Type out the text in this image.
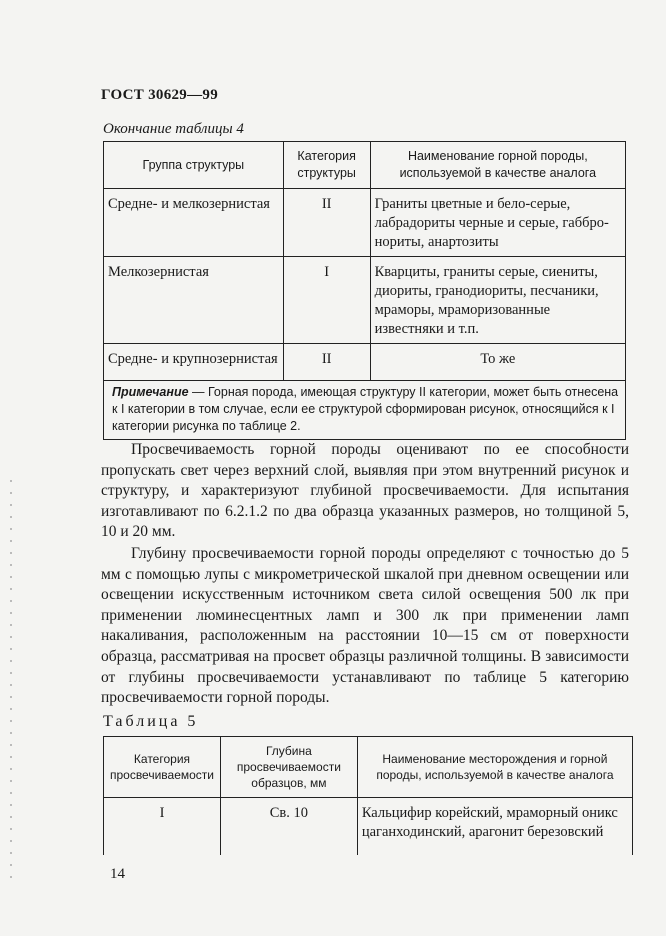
ГОСТ 30629—99
Окончание таблицы 4
Группа структуры	Категория структуры	Наименование горной породы, используемой в качестве аналога
Средне- и мелкозернистая	II	Граниты цветные и бело-серые, лабрадориты черные и серые, габбро-нориты, анартозиты
Мелкозернистая	I	Кварциты, граниты серые, сиениты, диориты, гранодиориты, песчаники, мраморы, мраморизованные известняки и т.п.
Средне- и крупнозернистая	II	То же
Примечание — Горная порода, имеющая структуру II категории, может быть отнесена к I категории в том случае, если ее структурой сформирован рисунок, относящийся к I категории рисунка по таблице 2.		
Просвечиваемость горной породы оценивают по ее способности пропускать свет через верхний слой, выявляя при этом внутренний рисунок и структуру, и характеризуют глубиной просвечиваемости. Для испытания изготавливают по 6.2.1.2 по два образца указанных размеров, но толщиной 5, 10 и 20 мм.
Глубину просвечиваемости горной породы определяют с точностью до 5 мм с помощью лупы с микрометрической шкалой при дневном освещении или освещении искусственным источником света силой освещения 500 лк при применении люминесцентных ламп и 300 лк при применении ламп накаливания, расположенным на расстоянии 10—15 см от поверхности образца, рассматривая на просвет образцы различной толщины. В зависимости от глубины просвечиваемости устанавливают по таблице 5 категорию просвечиваемости горной породы.
Таблица 5
Категория просвечиваемости	Глубина просвечиваемости образцов, мм	Наименование месторождения и горной породы, используемой в качестве аналога
I	Св. 10	Кальцифир корейский, мраморный оникс цаганходинский, арагонит березовский
14
